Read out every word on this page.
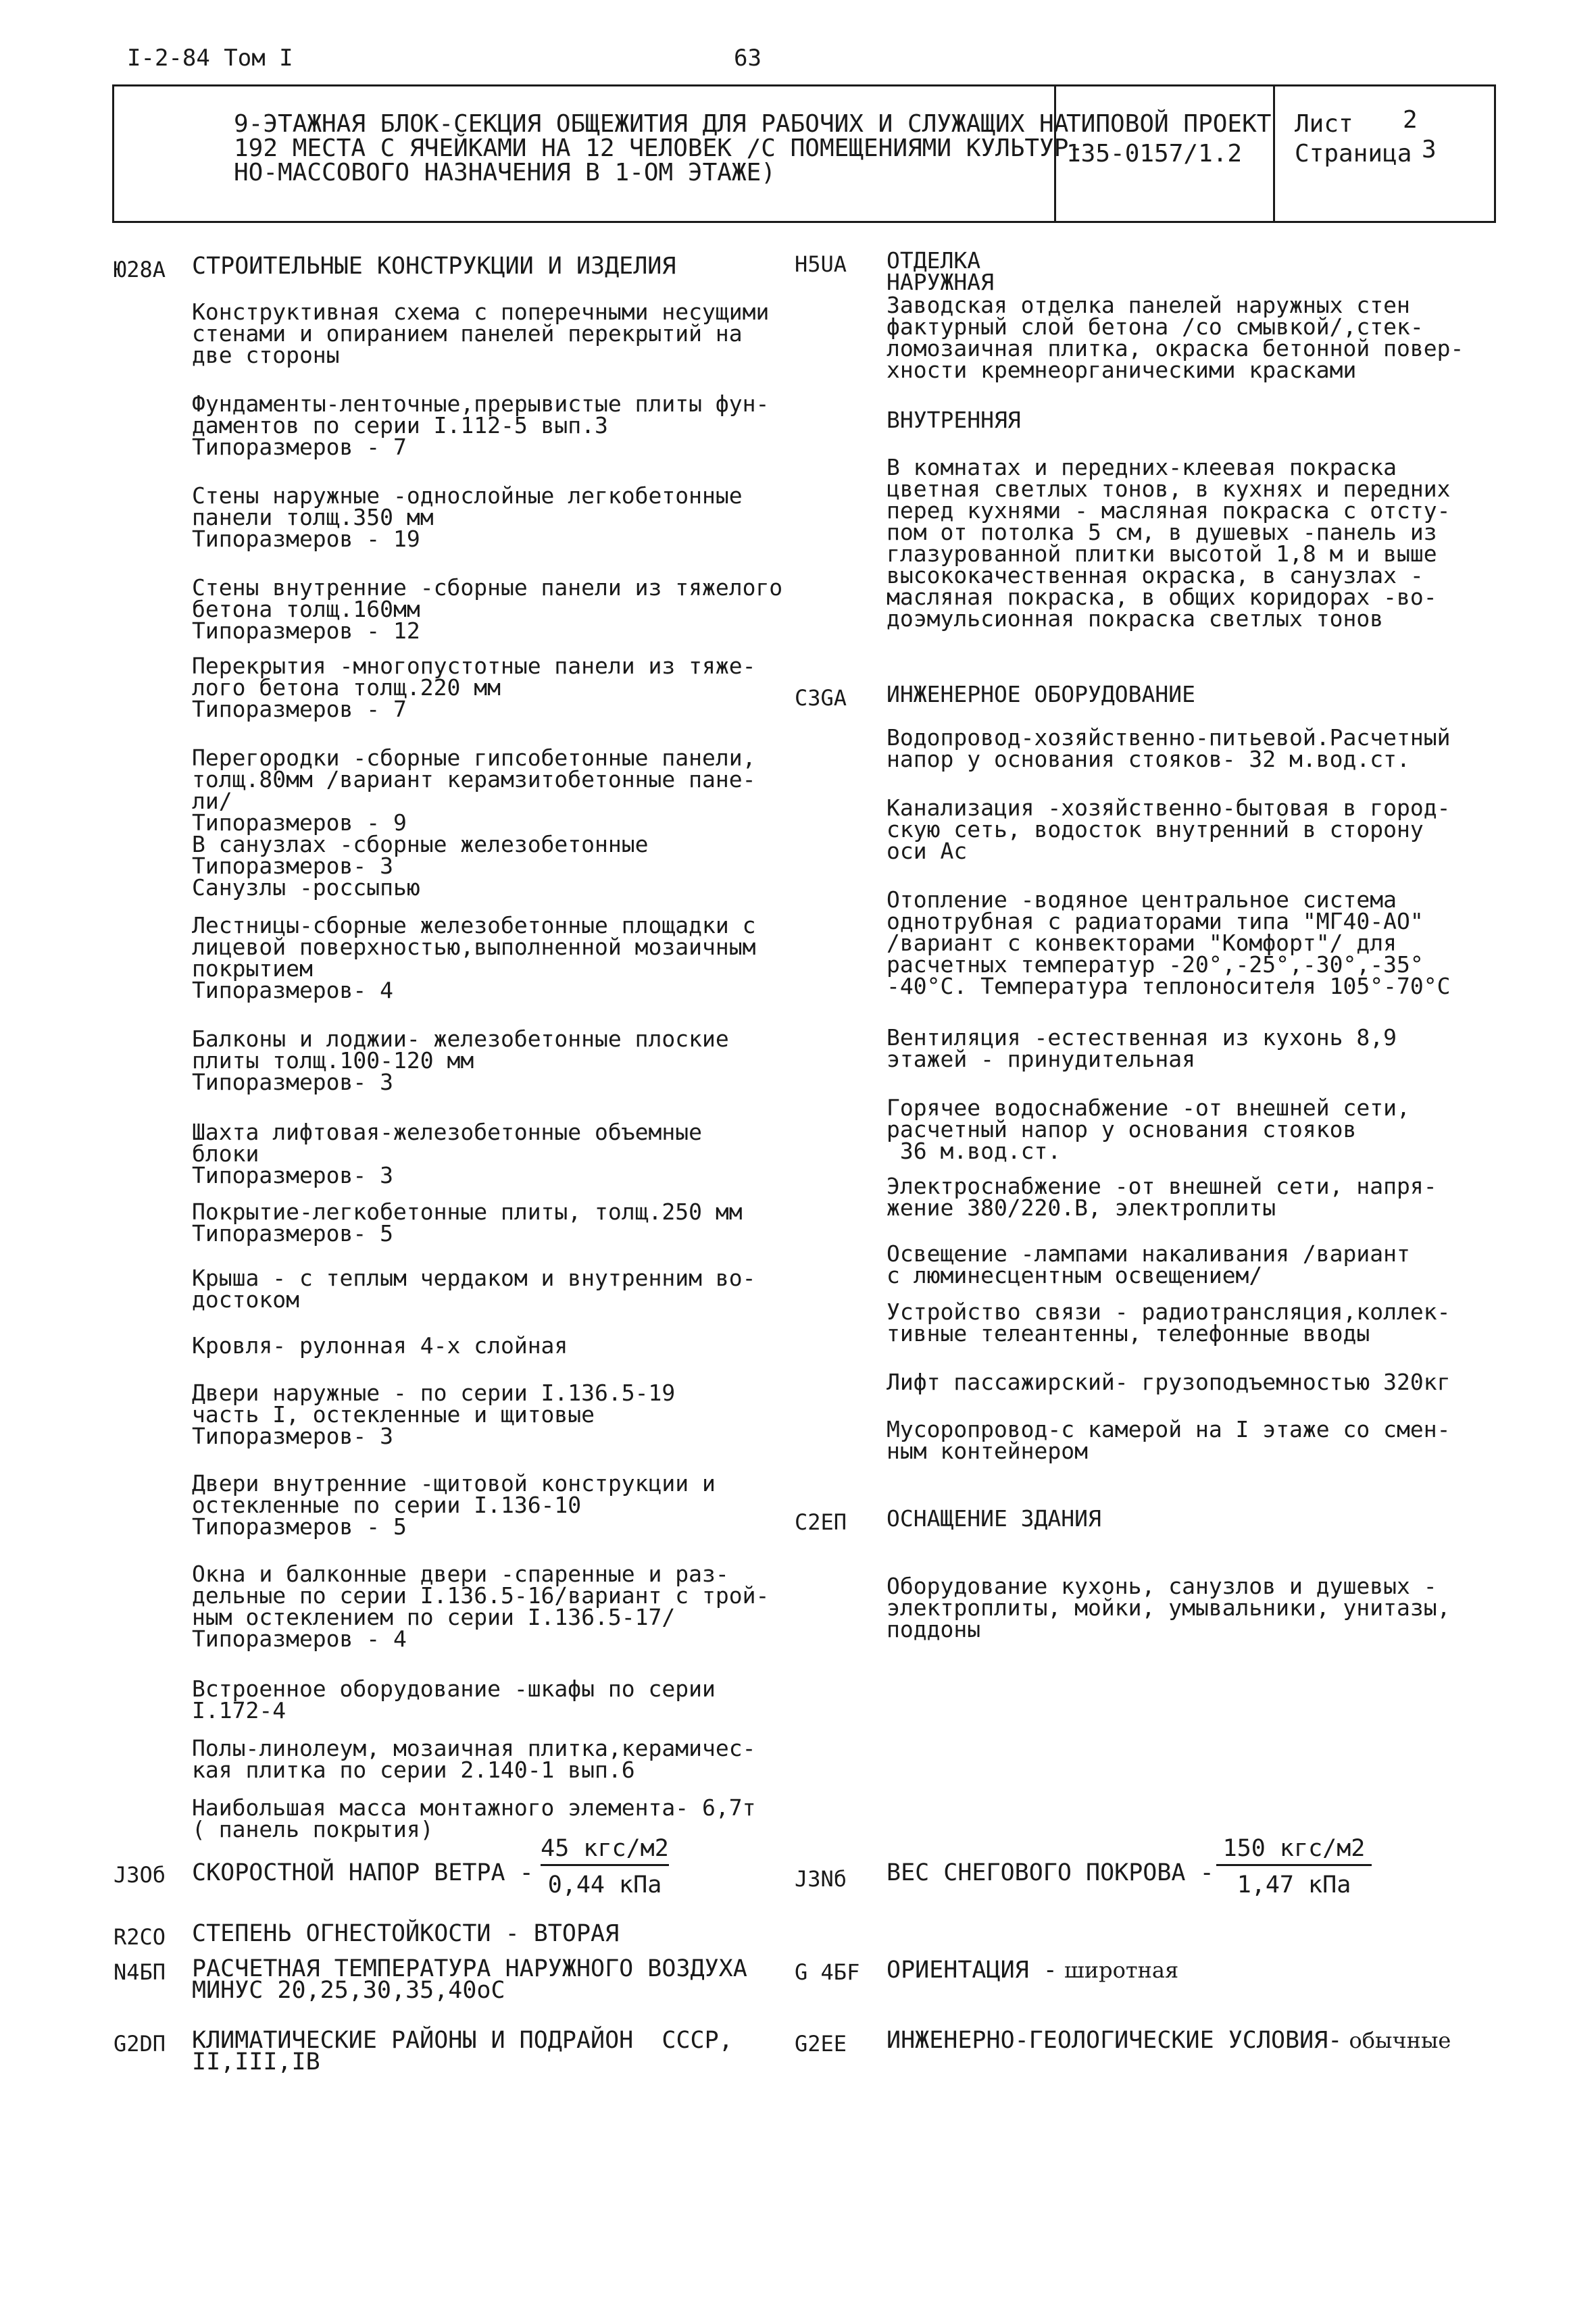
I-2-84 Том I	63
9-ЭТАЖНАЯ БЛОК-СЕКЦИЯ ОБЩЕЖИТИЯ ДЛЯ РАБОЧИХ И СЛУЖАЩИХ НА
192 МЕСТА С ЯЧЕЙКАМИ НА 12 ЧЕЛОВЕК /С ПОМЕЩЕНИЯМИ КУЛЬТУР-
НО-МАССОВОГО НАЗНАЧЕНИЯ В 1-ОМ ЭТАЖЕ)
ТИПОВОЙ ПРОЕКТ
135-0157/1.2
Лист 2
Страница 3
Ю28А СТРОИТЕЛЬНЫЕ КОНСТРУКЦИИ И ИЗДЕЛИЯ
Конструктивная схема с поперечными несущими
стенами и опиранием панелей перекрытий на
две стороны
Фундаменты-ленточные,прерывистые плиты фун-
даментов по серии I.112-5 вып.3
Типоразмеров - 7
Стены наружные -однослойные легкобетонные
панели толщ.350 мм
Типоразмеров - 19
Стены внутренние -сборные панели из тяжелого
бетона толщ.160мм
Типоразмеров - 12
Перекрытия -многопустотные панели из тяже-
лого бетона толщ.220 мм
Типоразмеров - 7
Перегородки -сборные гипсобетонные панели,
толщ.80мм /вариант керамзитобетонные пане-
ли/
Типоразмеров - 9
В санузлах -сборные железобетонные
Типоразмеров- 3
Санузлы -россыпью
Лестницы-сборные железобетонные площадки с
лицевой поверхностью,выполненной мозаичным
покрытием
Типоразмеров- 4
Балконы и лоджии- железобетонные плоские
плиты толщ.100-120 мм
Типоразмеров- 3
Шахта лифтовая-железобетонные объемные
блоки
Типоразмеров- 3
Покрытие-легкобетонные плиты, толщ.250 мм
Типоразмеров- 5
Крыша - с теплым чердаком и внутренним во-
достоком
Кровля- рулонная 4-х слойная
Двери наружные - по серии I.136.5-19
часть I, остекленные и щитовые
Типоразмеров- 3
Двери внутренние -щитовой конструкции и
остекленные по серии I.136-10
Типоразмеров - 5
Окна и балконные двери -спаренные и раз-
дельные по серии I.136.5-16/вариант с трой-
ным остеклением по серии I.136.5-17/
Типоразмеров - 4
Встроенное оборудование -шкафы по серии
I.172-4
Полы-линолеум, мозаичная плитка,керамичес-
кая плитка по серии 2.140-1 вып.6
Наибольшая масса монтажного элемента- 6,7т
( панель покрытия)
Н5UА ОТДЕЛКА
НАРУЖНАЯ
Заводская отделка панелей наружных стен
фактурный слой бетона /со смывкой/,стек-
ломозаичная плитка, окраска бетонной повер-
хности кремнеорганическими красками
ВНУТРЕННЯЯ
В комнатах и передних-клеевая покраска
цветная светлых тонов, в кухнях и передних
перед кухнями - масляная покраска с отсту-
пом от потолка 5 см, в душевых -панель из
глазурованной плитки высотой 1,8 м и выше
высококачественная окраска, в санузлах -
масляная покраска, в общих коридорах -во-
доэмульсионная покраска светлых тонов
СЗGА ИНЖЕНЕРНОЕ ОБОРУДОВАНИЕ
Водопровод-хозяйственно-питьевой.Расчетный
напор у основания стояков- 32 м.вод.ст.
Канализация -хозяйственно-бытовая в город-
скую сеть, водосток внутренний в сторону
оси Ас
Отопление -водяное центральное система
однотрубная с радиаторами типа "МГ40-АО"
/вариант с конвекторами "Комфорт"/ для
расчетных температур -20°,-25°,-30°,-35°
-40°С. Температура теплоносителя 105°-70°С
Вентиляция -естественная из кухонь 8,9
этажей - принудительная
Горячее водоснабжение -от внешней сети,
расчетный напор у основания стояков
36 м.вод.ст.
Электроснабжение -от внешней сети, напря-
жение 380/220.В, электроплиты
Освещение -лампами накаливания /вариант
с люминесцентным освещением/
Устройство связи - радиотрансляция,коллек-
тивные телеантенны, телефонные вводы
Лифт пассажирский- грузоподъемностью 320кг
Мусоропровод-с камерой на I этаже со смен-
ным контейнером
С2ЕП ОСНАЩЕНИЕ ЗДАНИЯ
Оборудование кухонь, санузлов и душевых -
электроплиты, мойки, умывальники, унитазы,
поддоны
J3Об СКОРОСТНОЙ НАПОР ВЕТРА -
45 кгс/м2
0,44 кПа	J3Nб ВЕС СНЕГОВОГО ПОКРОВА -
150 кгс/м2
1,47 кПа
R2СО СТЕПЕНЬ ОГНЕСТОЙКОСТИ - ВТОРАЯ
N4БП РАСЧЕТНАЯ ТЕМПЕРАТУРА НАРУЖНОГО ВОЗДУХА
МИНУС 20,25,30,35,40оС
G 4БF ОРИЕНТАЦИЯ - широтная
G2DП КЛИМАТИЧЕСКИЕ РАЙОНЫ И ПОДРАЙОН  СССР,
II,III,IВ
G2ЕЕ ИНЖЕНЕРНО-ГЕОЛОГИЧЕСКИЕ УСЛОВИЯ- обычные
